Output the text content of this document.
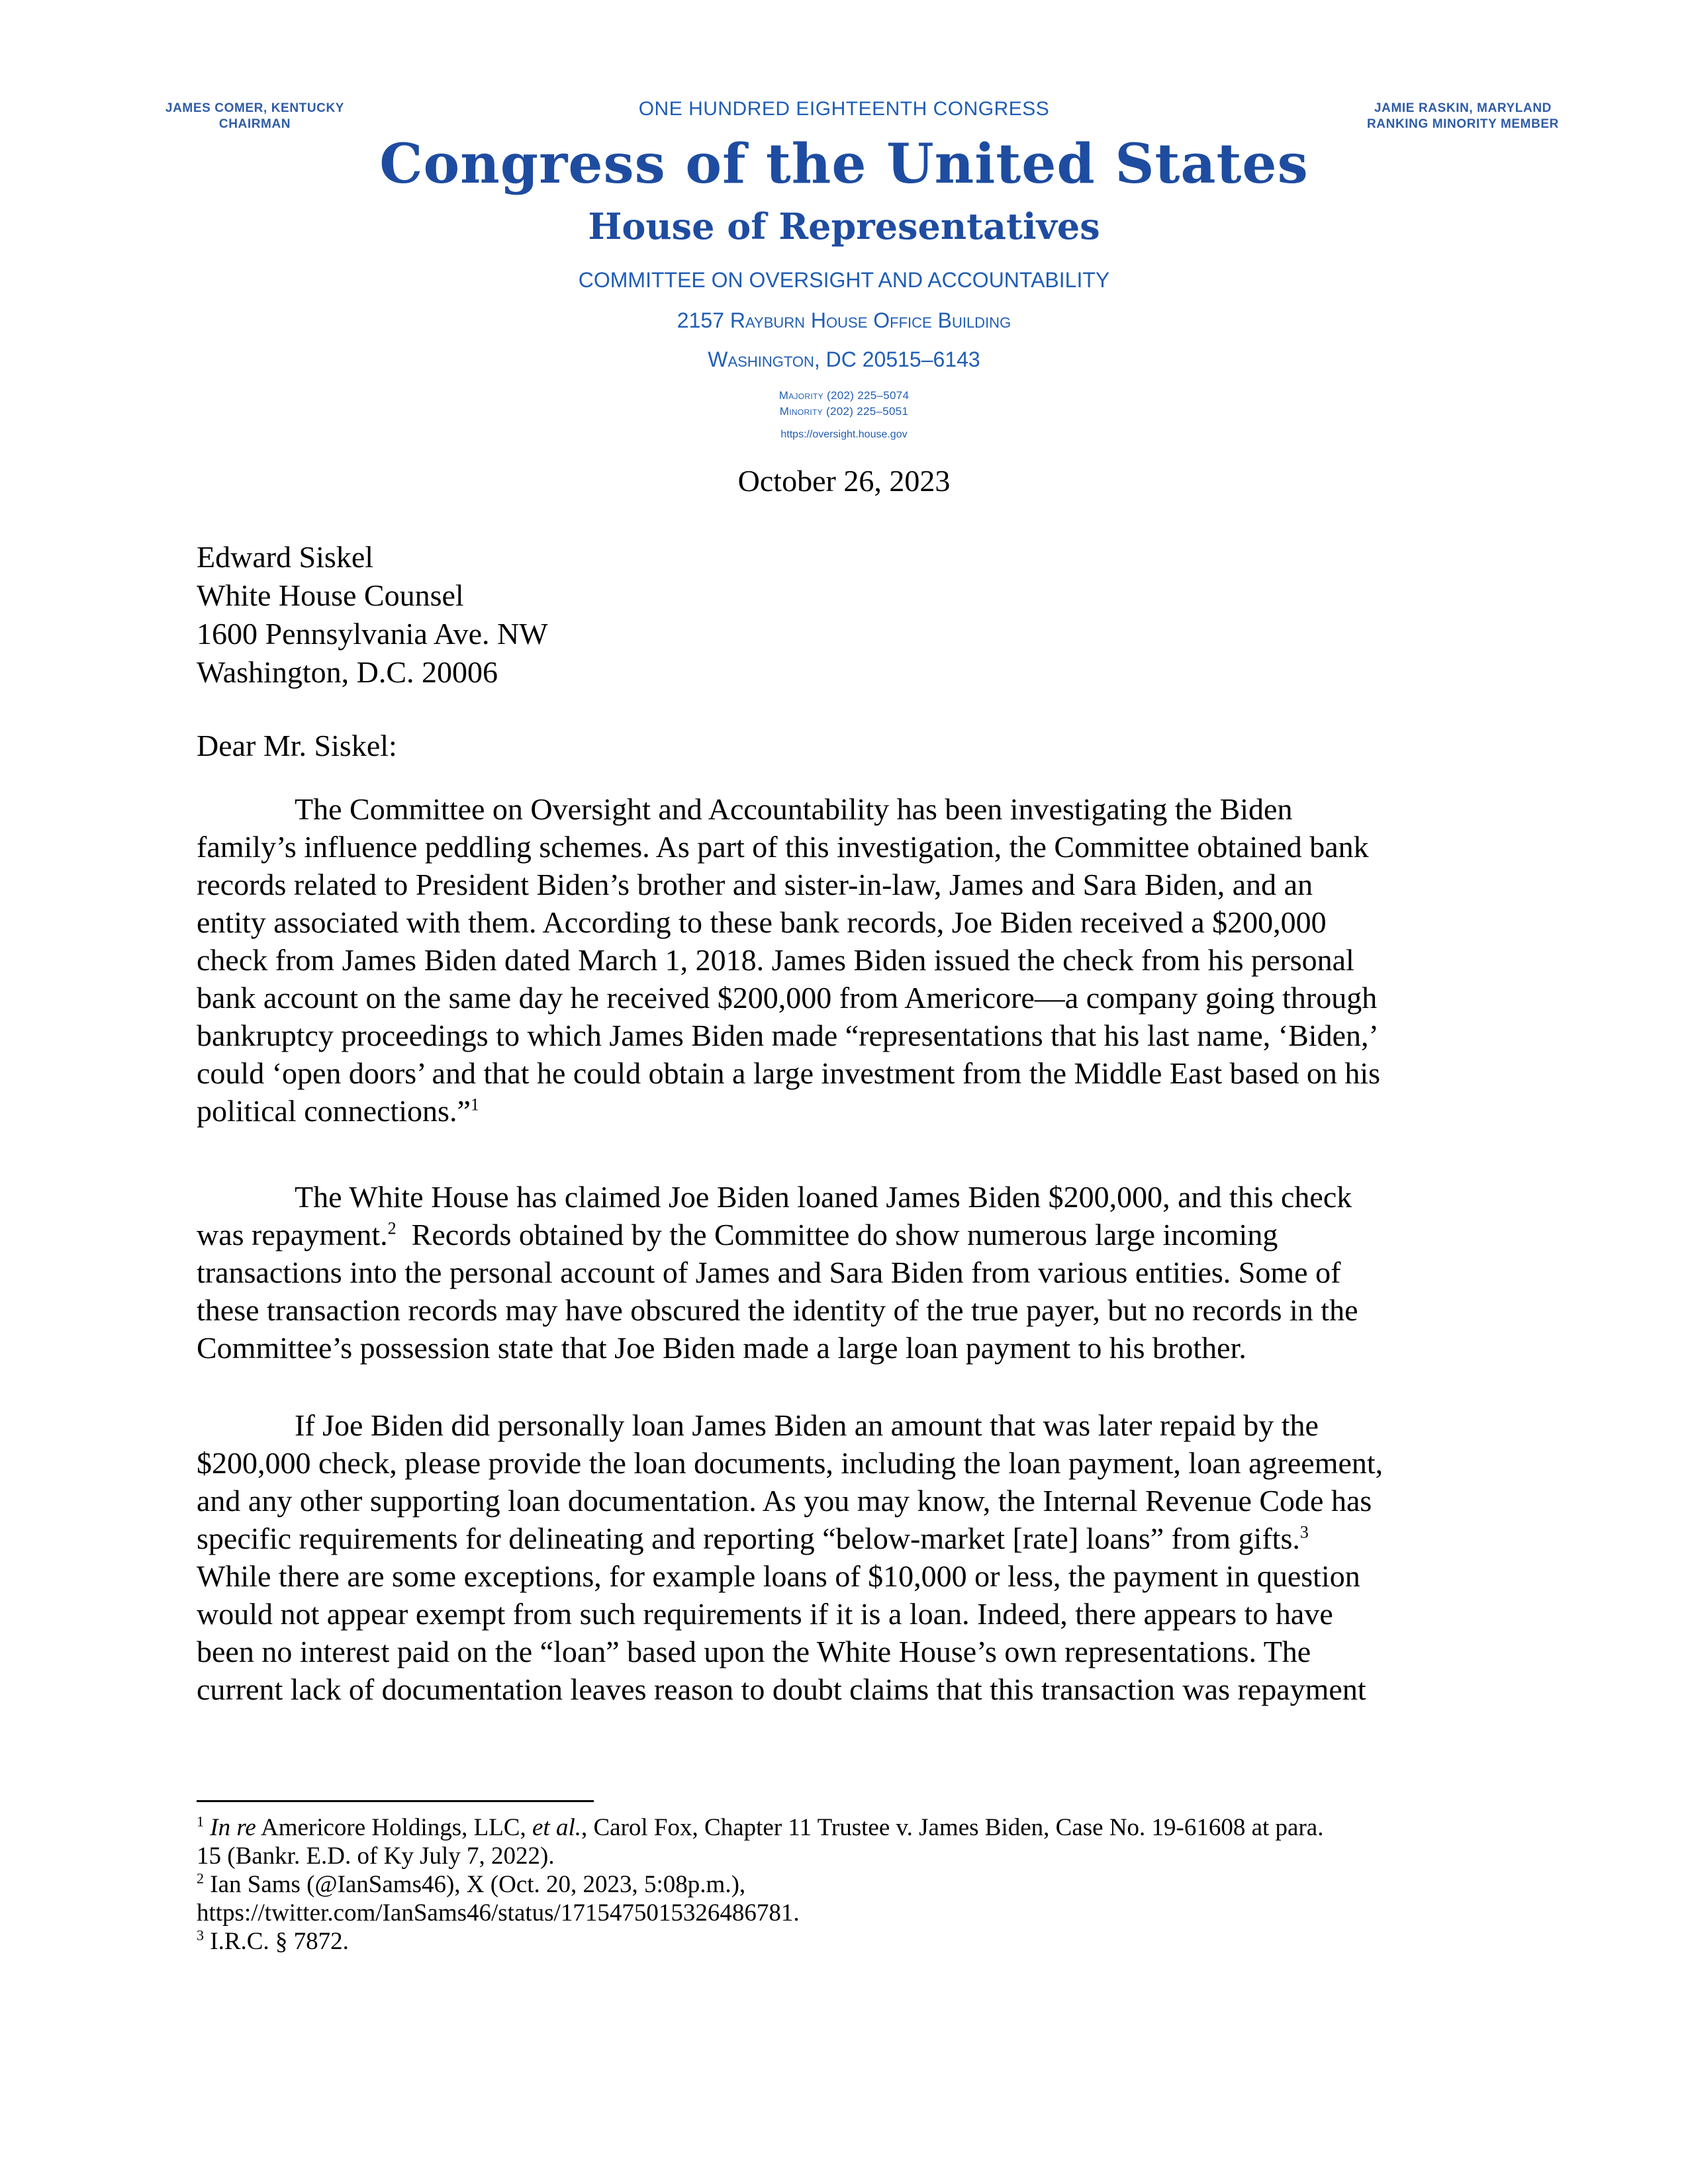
JAMES COMER, KENTUCKY
CHAIRMAN
JAMIE RASKIN, MARYLAND
RANKING MINORITY MEMBER
ONE HUNDRED EIGHTEENTH CONGRESS
Congress of the United States
House of Representatives
COMMITTEE ON OVERSIGHT AND ACCOUNTABILITY
2157 Rayburn House Office Building
Washington, DC 20515–6143
Majority (202) 225–5074
Minority (202) 225–5051
https://oversight.house.gov
October 26, 2023
Edward Siskel
White House Counsel
1600 Pennsylvania Ave. NW
Washington, D.C. 20006
Dear Mr. Siskel:
The Committee on Oversight and Accountability has been investigating the Biden
family’s influence peddling schemes. As part of this investigation, the Committee obtained bank
records related to President Biden’s brother and sister-in-law, James and Sara Biden, and an
entity associated with them. According to these bank records, Joe Biden received a $200,000
check from James Biden dated March 1, 2018. James Biden issued the check from his personal
bank account on the same day he received $200,000 from Americore—a company going through
bankruptcy proceedings to which James Biden made “representations that his last name, ‘Biden,’
could ‘open doors’ and that he could obtain a large investment from the Middle East based on his
political connections.”$^1$
The White House has claimed Joe Biden loaned James Biden $200,000, and this check
was repayment.$^2$  Records obtained by the Committee do show numerous large incoming
transactions into the personal account of James and Sara Biden from various entities. Some of
these transaction records may have obscured the identity of the true payer, but no records in the
Committee’s possession state that Joe Biden made a large loan payment to his brother.
If Joe Biden did personally loan James Biden an amount that was later repaid by the
$200,000 check, please provide the loan documents, including the loan payment, loan agreement,
and any other supporting loan documentation. As you may know, the Internal Revenue Code has
specific requirements for delineating and reporting “below-market [rate] loans” from gifts.$^3$
While there are some exceptions, for example loans of $10,000 or less, the payment in question
would not appear exempt from such requirements if it is a loan. Indeed, there appears to have
been no interest paid on the “loan” based upon the White House’s own representations. The
current lack of documentation leaves reason to doubt claims that this transaction was repayment
$^1$ In re Americore Holdings, LLC, et al., Carol Fox, Chapter 11 Trustee v. James Biden, Case No. 19-61608 at para.
15 (Bankr. E.D. of Ky July 7, 2022).
$^2$ Ian Sams (@IanSams46), X (Oct. 20, 2023, 5:08p.m.),
https://twitter.com/IanSams46/status/1715475015326486781.
$^3$ I.R.C. § 7872.
